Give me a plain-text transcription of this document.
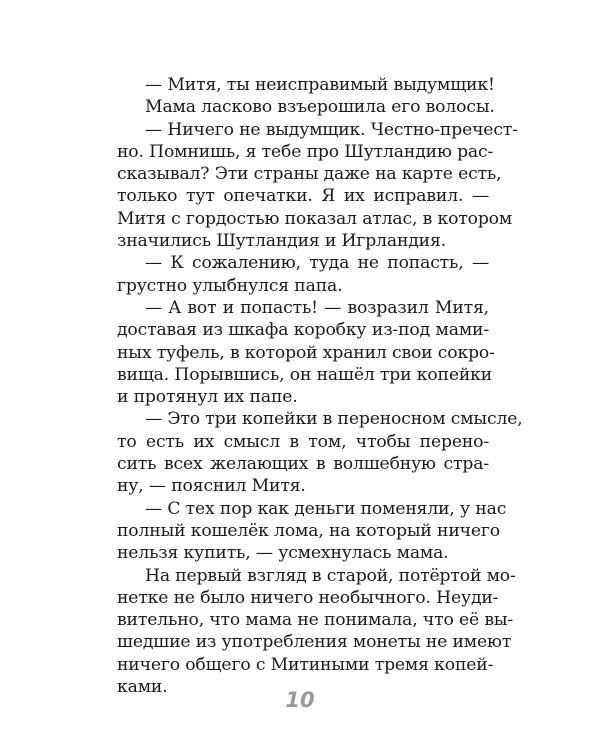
— Митя, ты неисправимый выдумщик!
Мама ласково взъерошила его волосы.
— Ничего не выдумщик. Честно-пречест-
но. Помнишь, я тебе про Шутландию рас-
сказывал? Эти страны даже на карте есть,
только тут опечатки. Я их исправил. —
Митя с гордостью показал атлас, в котором
значились Шутландия и Игрландия.
— К сожалению, туда не попасть, —
грустно улыбнулся папа.
— А вот и попасть! — возразил Митя,
доставая из шкафа коробку из-под мами-
ных туфель, в которой хранил свои сокро-
вища. Порывшись, он нашёл три копейки
и протянул их папе.
— Это три копейки в переносном смысле,
то есть их смысл в том, чтобы перено-
сить всех желающих в волшебную стра-
ну, — пояснил Митя.
— С тех пор как деньги поменяли, у нас
полный кошелёк лома, на который ничего
нельзя купить, — усмехнулась мама.
На первый взгляд в старой, потёртой мо-
нетке не было ничего необычного. Неуди-
вительно, что мама не понимала, что её вы-
шедшие из употребления монеты не имеют
ничего общего с Митиными тремя копей-
ками.
10
